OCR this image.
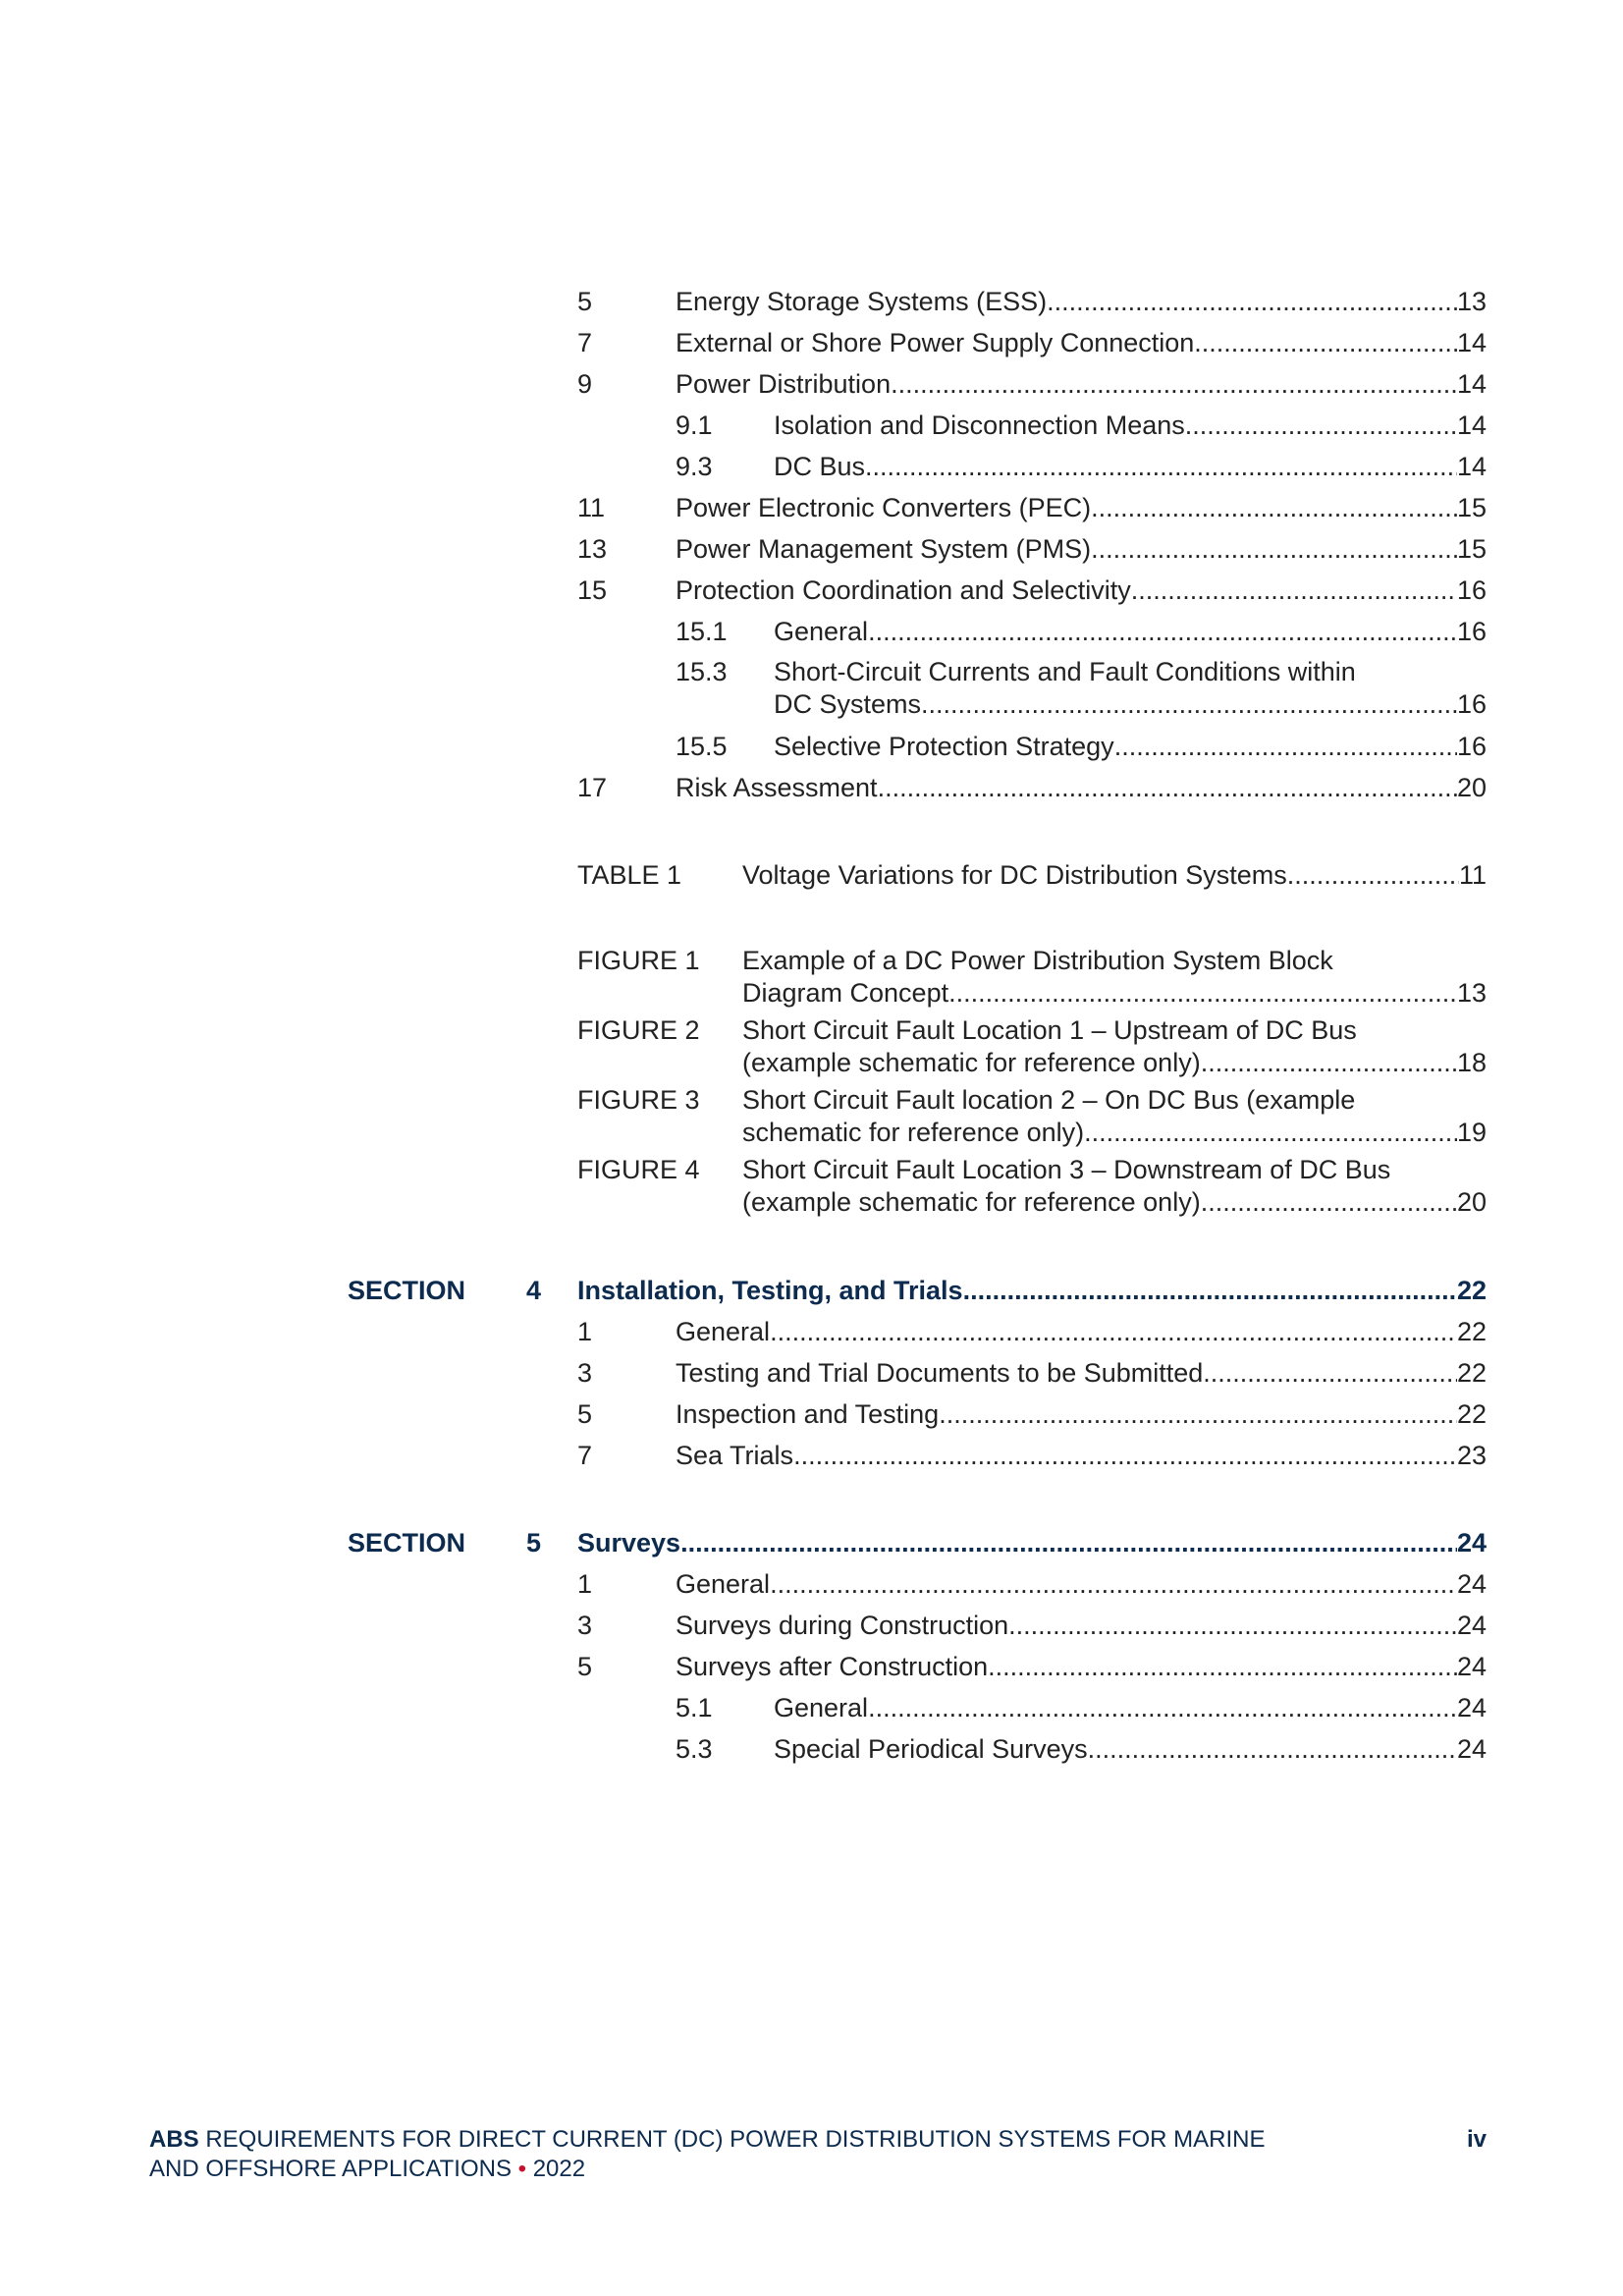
5	Energy Storage Systems (ESS) .....	13
7	External or Shore Power Supply Connection .....	14
9	Power Distribution .....	14
9.1	Isolation and Disconnection Means .....	14
9.3	DC Bus .....	14
11	Power Electronic Converters (PEC) .....	15
13	Power Management System (PMS) .....	15
15	Protection Coordination and Selectivity .....	16
15.1	General .....	16
15.3	Short-Circuit Currents and Fault Conditions within
DC Systems .....	16
15.5	Selective Protection Strategy .....	16
17	Risk Assessment .....	20
TABLE 1	Voltage Variations for DC Distribution Systems .....	11
FIGURE 1	Example of a DC Power Distribution System Block
Diagram Concept .....	13
FIGURE 2	Short Circuit Fault Location 1 – Upstream of DC Bus
(example schematic for reference only) .....	18
FIGURE 3	Short Circuit Fault location 2 – On DC Bus (example
schematic for reference only) .....	19
FIGURE 4	Short Circuit Fault Location 3 – Downstream of DC Bus
(example schematic for reference only) .....	20
SECTION	4 Installation, Testing, and Trials .....	22
1	General .....	22
3	Testing and Trial Documents to be Submitted .....	22
5	Inspection and Testing .....	22
7	Sea Trials .....	23
SECTION	5 Surveys .....	24
1	General .....	24
3	Surveys during Construction .....	24
5	Surveys after Construction .....	24
5.1	General .....	24
5.3	Special Periodical Surveys .....	24
ABS REQUIREMENTS FOR DIRECT CURRENT (DC) POWER DISTRIBUTION SYSTEMS FOR MARINE
AND OFFSHORE APPLICATIONS • 2022
iv
